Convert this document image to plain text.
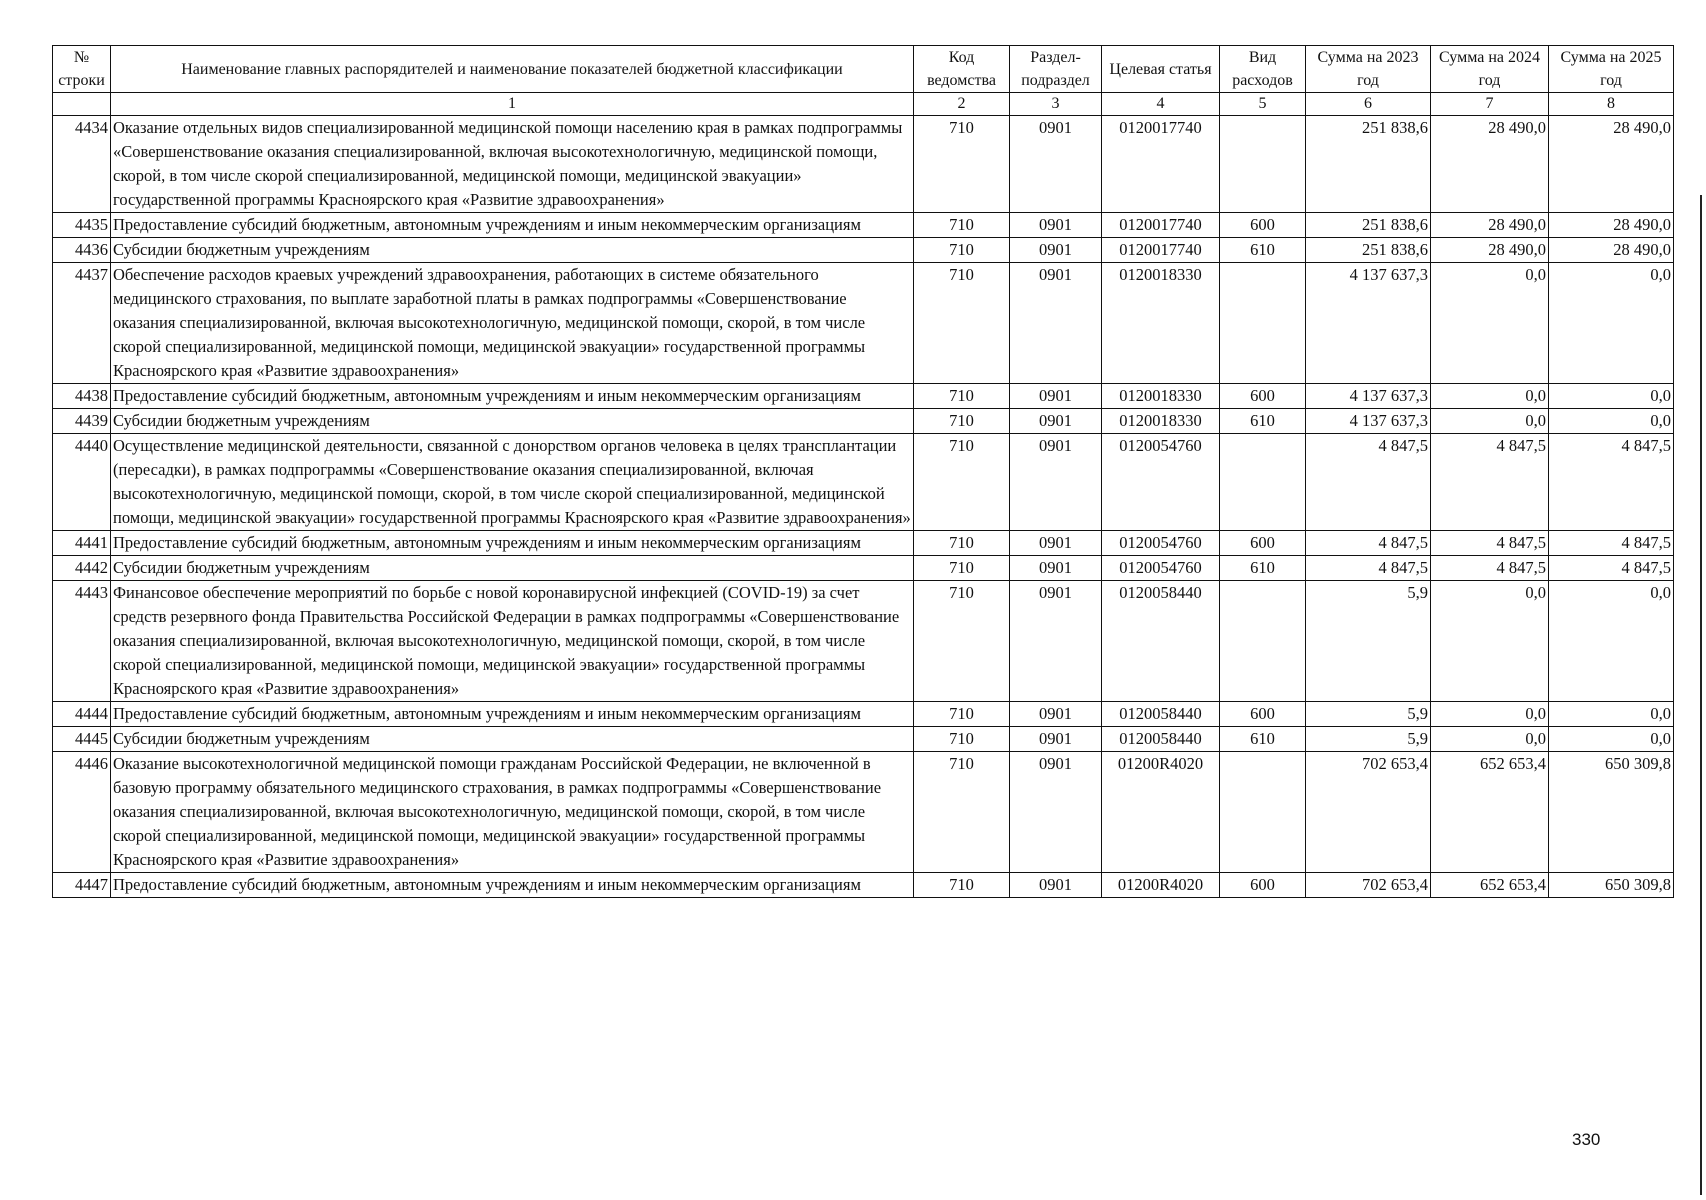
№ строки	Наименование главных распорядителей и наименование показателей бюджетной классификации	Код ведомства	Раздел-подраздел	Целевая статья	Вид расходов	Сумма на 2023 год	Сумма на 2024 год	Сумма на 2025 год
	1	2	3	4	5	6	7	8
4434	Оказание отдельных видов специализированной медицинской помощи населению края в рамках подпрограммы «Совершенствование оказания специализированной, включая высокотехнологичную, медицинской помощи, скорой, в том числе скорой специализированной, медицинской помощи, медицинской эвакуации» государственной программы Красноярского края «Развитие здравоохранения»	710	0901	0120017740		251 838,6	28 490,0	28 490,0
4435	Предоставление субсидий бюджетным, автономным учреждениям и иным некоммерческим организациям	710	0901	0120017740	600	251 838,6	28 490,0	28 490,0
4436	Субсидии бюджетным учреждениям	710	0901	0120017740	610	251 838,6	28 490,0	28 490,0
4437	Обеспечение расходов краевых учреждений здравоохранения, работающих в системе обязательного медицинского страхования, по выплате заработной платы в рамках подпрограммы «Совершенствование оказания специализированной, включая высокотехнологичную, медицинской помощи, скорой, в том числе скорой специализированной, медицинской помощи, медицинской эвакуации» государственной программы Красноярского края «Развитие здравоохранения»	710	0901	0120018330		4 137 637,3	0,0	0,0
4438	Предоставление субсидий бюджетным, автономным учреждениям и иным некоммерческим организациям	710	0901	0120018330	600	4 137 637,3	0,0	0,0
4439	Субсидии бюджетным учреждениям	710	0901	0120018330	610	4 137 637,3	0,0	0,0
4440	Осуществление медицинской деятельности, связанной с донорством органов человека в целях трансплантации (пересадки), в рамках подпрограммы «Совершенствование оказания специализированной, включая высокотехнологичную, медицинской помощи, скорой, в том числе скорой специализированной, медицинской помощи, медицинской эвакуации» государственной программы Красноярского края «Развитие здравоохранения»	710	0901	0120054760		4 847,5	4 847,5	4 847,5
4441	Предоставление субсидий бюджетным, автономным учреждениям и иным некоммерческим организациям	710	0901	0120054760	600	4 847,5	4 847,5	4 847,5
4442	Субсидии бюджетным учреждениям	710	0901	0120054760	610	4 847,5	4 847,5	4 847,5
4443	Финансовое обеспечение мероприятий по борьбе с новой коронавирусной инфекцией (COVID-19) за счет средств резервного фонда Правительства Российской Федерации в рамках подпрограммы «Совершенствование оказания специализированной, включая высокотехнологичную, медицинской помощи, скорой, в том числе скорой специализированной, медицинской помощи, медицинской эвакуации» государственной программы Красноярского края «Развитие здравоохранения»	710	0901	0120058440		5,9	0,0	0,0
4444	Предоставление субсидий бюджетным, автономным учреждениям и иным некоммерческим организациям	710	0901	0120058440	600	5,9	0,0	0,0
4445	Субсидии бюджетным учреждениям	710	0901	0120058440	610	5,9	0,0	0,0
4446	Оказание высокотехнологичной медицинской помощи гражданам Российской Федерации, не включенной в базовую программу обязательного медицинского страхования, в рамках подпрограммы «Совершенствование оказания специализированной, включая высокотехнологичную, медицинской помощи, скорой, в том числе скорой специализированной, медицинской помощи, медицинской эвакуации» государственной программы Красноярского края «Развитие здравоохранения»	710	0901	01200R4020		702 653,4	652 653,4	650 309,8
4447	Предоставление субсидий бюджетным, автономным учреждениям и иным некоммерческим организациям	710	0901	01200R4020	600	702 653,4	652 653,4	650 309,8
330
